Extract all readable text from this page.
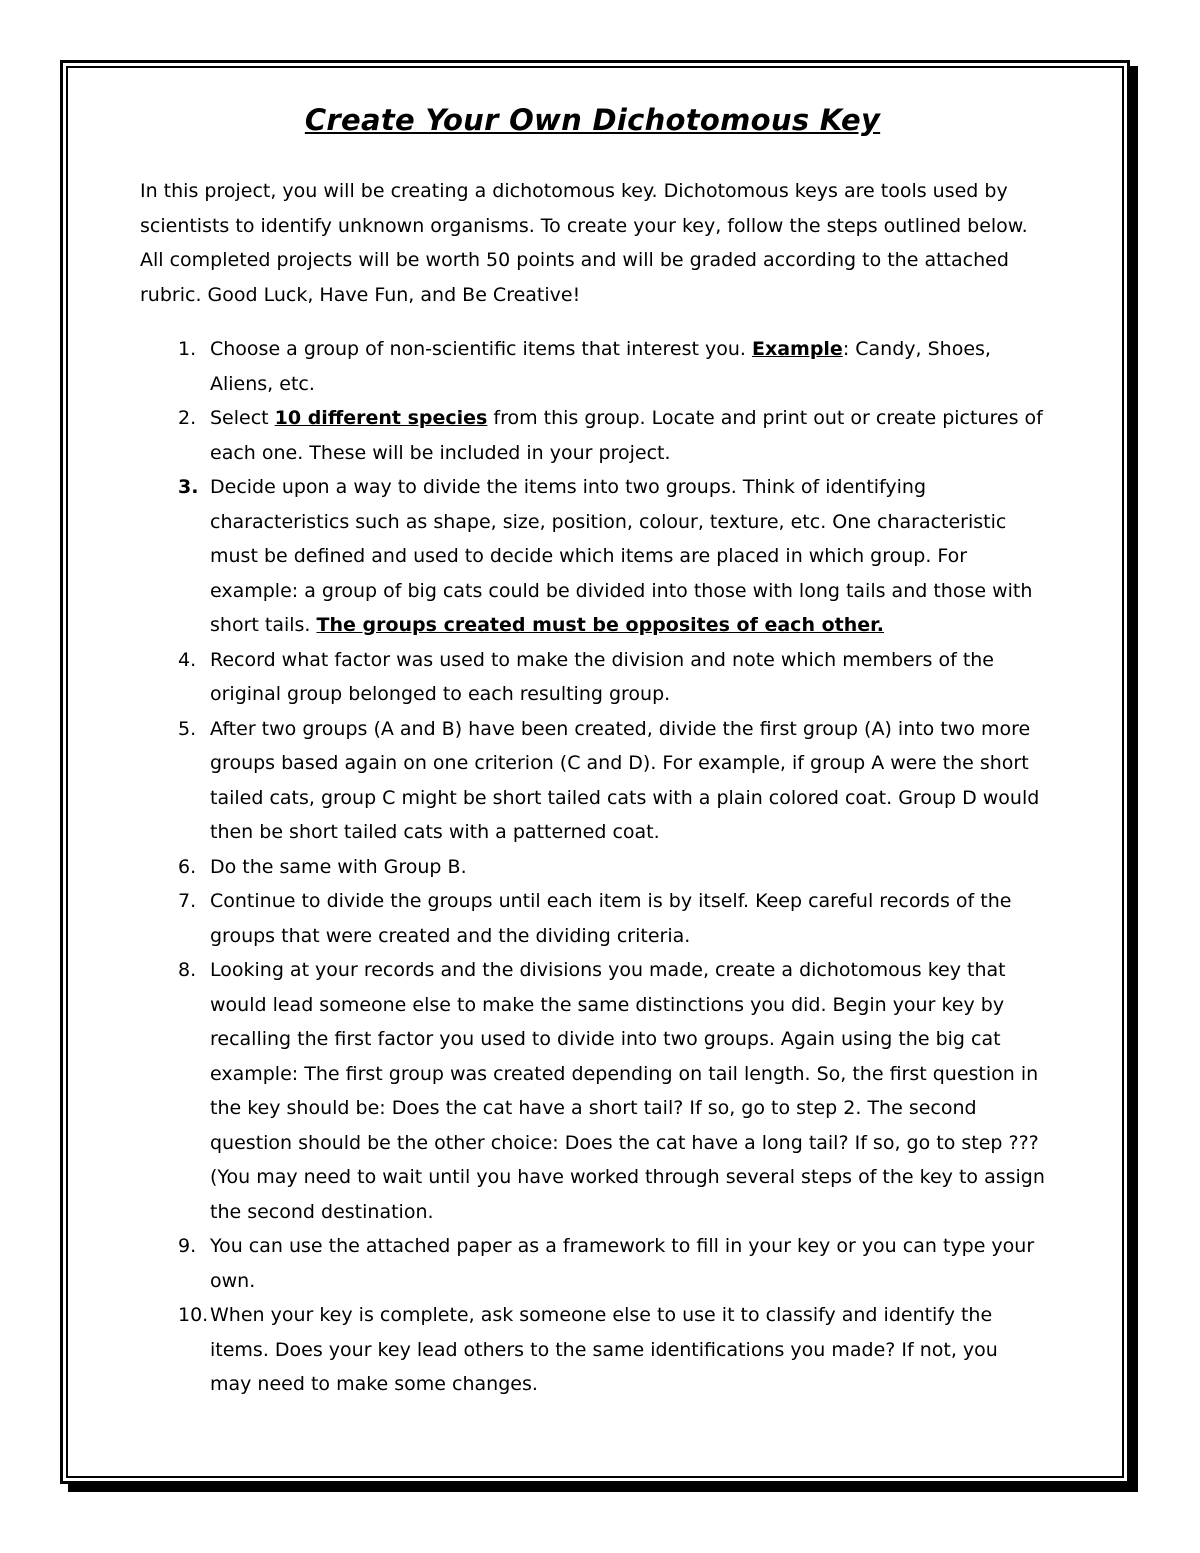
Create Your Own Dichotomous Key

In this project, you will be creating a dichotomous key. Dichotomous keys are tools used by scientists to identify unknown organisms. To create your key, follow the steps outlined below. All completed projects will be worth 50 points and will be graded according to the attached rubric. Good Luck, Have Fun, and Be Creative!

1. Choose a group of non-scientific items that interest you. Example: Candy, Shoes, Aliens, etc.
2. Select 10 different species from this group. Locate and print out or create pictures of each one. These will be included in your project.
3. Decide upon a way to divide the items into two groups. Think of identifying characteristics such as shape, size, position, colour, texture, etc. One characteristic must be defined and used to decide which items are placed in which group. For example: a group of big cats could be divided into those with long tails and those with short tails. The groups created must be opposites of each other.
4. Record what factor was used to make the division and note which members of the original group belonged to each resulting group.
5. After two groups (A and B) have been created, divide the first group (A) into two more groups based again on one criterion (C and D). For example, if group A were the short tailed cats, group C might be short tailed cats with a plain colored coat. Group D would then be short tailed cats with a patterned coat.
6. Do the same with Group B.
7. Continue to divide the groups until each item is by itself. Keep careful records of the groups that were created and the dividing criteria.
8. Looking at your records and the divisions you made, create a dichotomous key that would lead someone else to make the same distinctions you did. Begin your key by recalling the first factor you used to divide into two groups. Again using the big cat example: The first group was created depending on tail length. So, the first question in the key should be: Does the cat have a short tail? If so, go to step 2. The second question should be the other choice: Does the cat have a long tail? If so, go to step ??? (You may need to wait until you have worked through several steps of the key to assign the second destination.
9. You can use the attached paper as a framework to fill in your key or you can type your own.
10. When your key is complete, ask someone else to use it to classify and identify the items. Does your key lead others to the same identifications you made? If not, you may need to make some changes.
